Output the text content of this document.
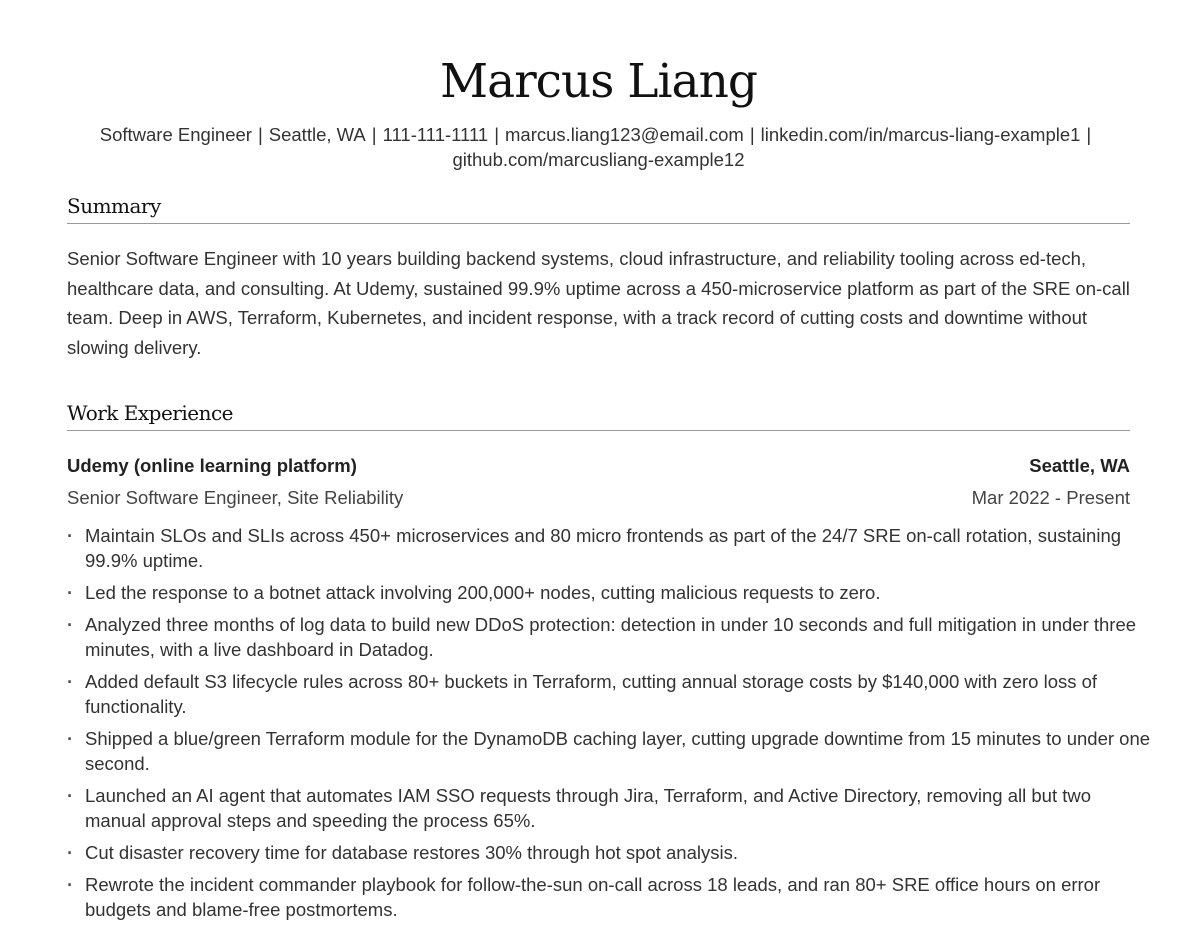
Marcus Liang
Software Engineer | Seattle, WA | 111-111-1111 | marcus.liang123@email.com | linkedin.com/in/marcus-liang-example1 |
github.com/marcusliang-example12
Summary
Senior Software Engineer with 10 years building backend systems, cloud infrastructure, and reliability tooling across ed-tech, healthcare data, and consulting. At Udemy, sustained 99.9% uptime across a 450-microservice platform as part of the SRE on-call team. Deep in AWS, Terraform, Kubernetes, and incident response, with a track record of cutting costs and downtime without slowing delivery.
Work Experience
Udemy (online learning platform)	Seattle, WA
Senior Software Engineer, Site Reliability	Mar 2022 - Present
· Maintain SLOs and SLIs across 450+ microservices and 80 micro frontends as part of the 24/7 SRE on-call rotation, sustaining 99.9% uptime.
· Led the response to a botnet attack involving 200,000+ nodes, cutting malicious requests to zero.
· Analyzed three months of log data to build new DDoS protection: detection in under 10 seconds and full mitigation in under three minutes, with a live dashboard in Datadog.
· Added default S3 lifecycle rules across 80+ buckets in Terraform, cutting annual storage costs by $140,000 with zero loss of functionality.
· Shipped a blue/green Terraform module for the DynamoDB caching layer, cutting upgrade downtime from 15 minutes to under one second.
· Launched an AI agent that automates IAM SSO requests through Jira, Terraform, and Active Directory, removing all but two manual approval steps and speeding the process 65%.
· Cut disaster recovery time for database restores 30% through hot spot analysis.
· Rewrote the incident commander playbook for follow-the-sun on-call across 18 leads, and ran 80+ SRE office hours on error budgets and blame-free postmortems.
